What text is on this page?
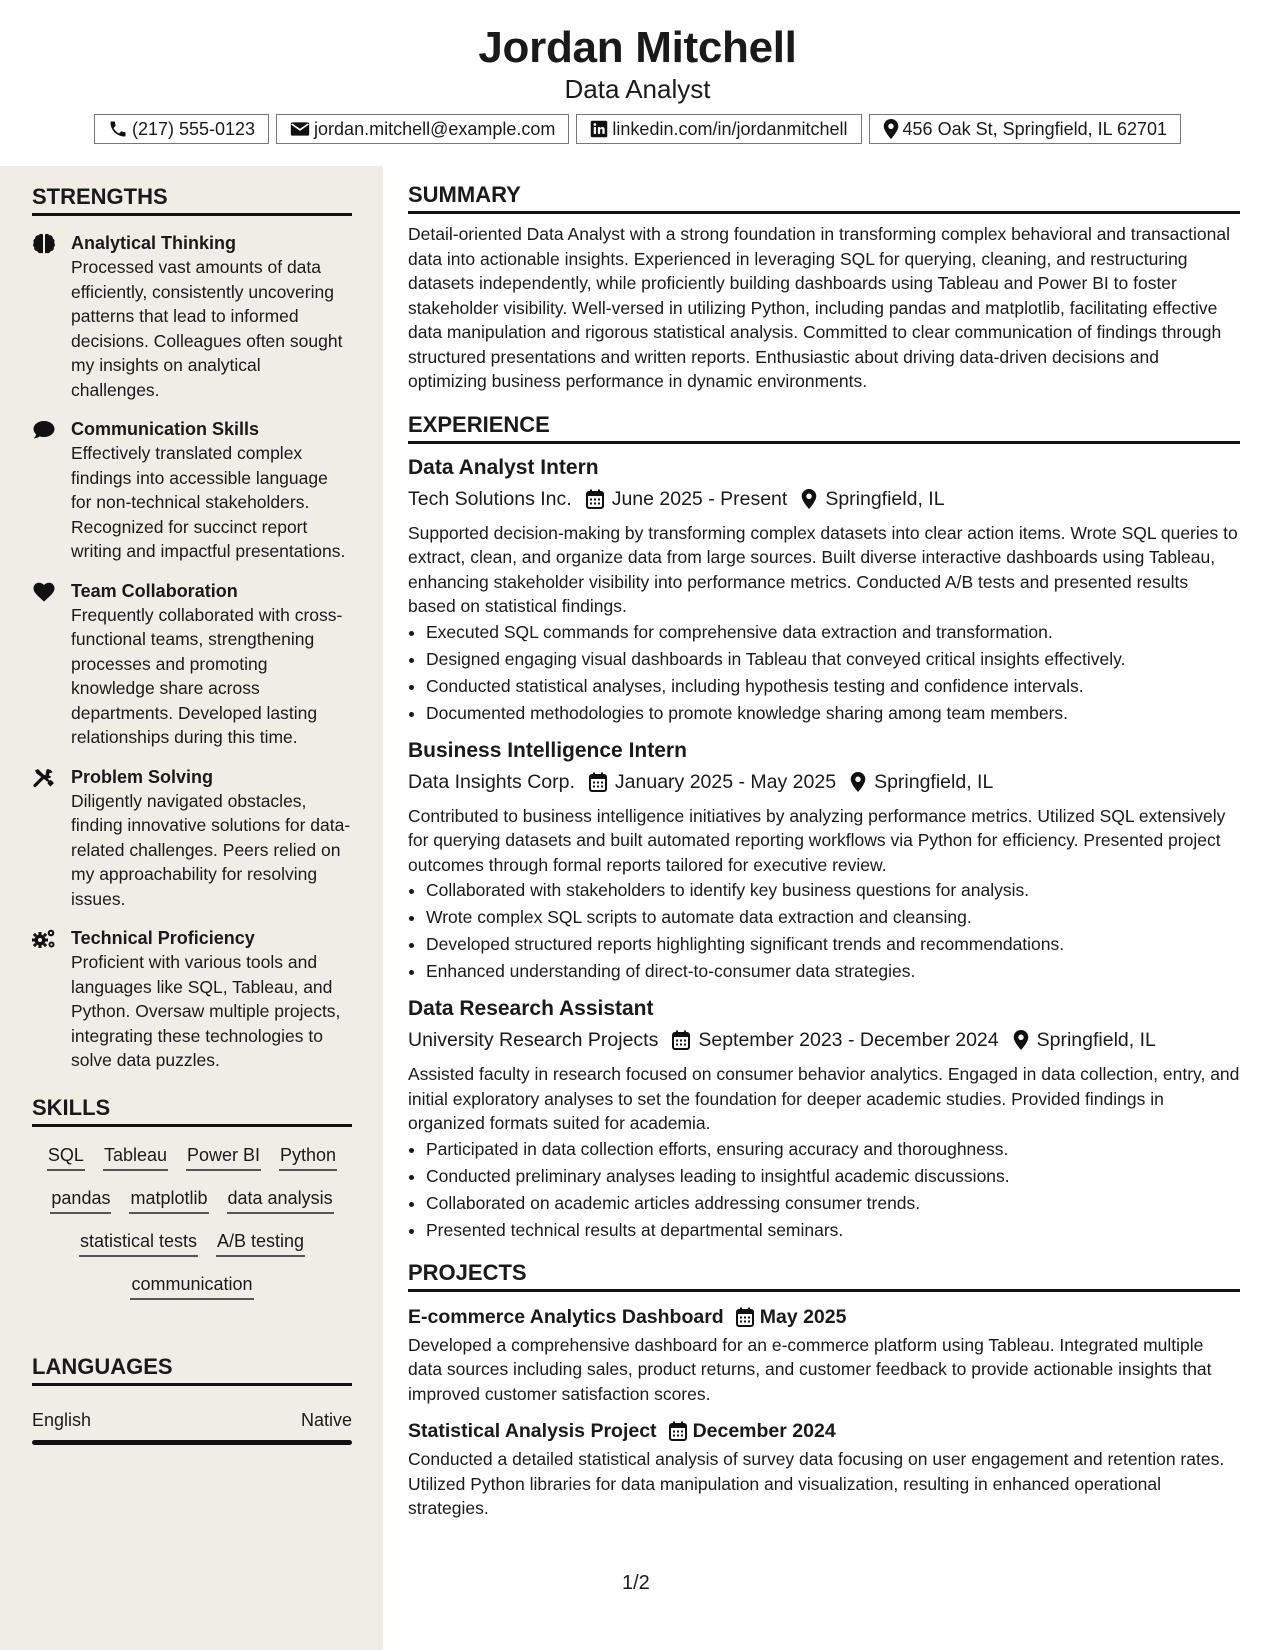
Jordan Mitchell
Data Analyst
(217) 555-0123	jordan.mitchell@example.com	linkedin.com/in/jordanmitchell	456 Oak St, Springfield, IL 62701
STRENGTHS
Analytical Thinking

Processed vast amounts of data efficiently, consistently uncovering patterns that lead to informed decisions. Colleagues often sought my insights on analytical challenges.

Communication Skills

Effectively translated complex findings into accessible language for non-technical stakeholders. Recognized for succinct report writing and impactful presentations.

Team Collaboration

Frequently collaborated with cross-functional teams, strengthening processes and promoting knowledge share across departments. Developed lasting relationships during this time.

Problem Solving

Diligently navigated obstacles, finding innovative solutions for data-related challenges. Peers relied on my approachability for resolving issues.

Technical Proficiency

Proficient with various tools and languages like SQL, Tableau, and Python. Oversaw multiple projects, integrating these technologies to solve data puzzles.

SKILLS
SQL Tableau Power BI Python
pandas matplotlib data analysis
statistical tests A/B testing
communication
LANGUAGES
English	Native
SUMMARY

Detail-oriented Data Analyst with a strong foundation in transforming complex behavioral and transactional data into actionable insights. Experienced in leveraging SQL for querying, cleaning, and restructuring datasets independently, while proficiently building dashboards using Tableau and Power BI to foster stakeholder visibility. Well-versed in utilizing Python, including pandas and matplotlib, facilitating effective data manipulation and rigorous statistical analysis. Committed to clear communication of findings through structured presentations and written reports. Enthusiastic about driving data-driven decisions and optimizing business performance in dynamic environments.

EXPERIENCE
Data Analyst Intern
Tech Solutions Inc. June 2025 - Present Springfield, IL

Supported decision-making by transforming complex datasets into clear action items. Wrote SQL queries to extract, clean, and organize data from large sources. Built diverse interactive dashboards using Tableau, enhancing stakeholder visibility into performance metrics. Conducted A/B tests and presented results based on statistical findings.

• Executed SQL commands for comprehensive data extraction and transformation.
• Designed engaging visual dashboards in Tableau that conveyed critical insights effectively.
• Conducted statistical analyses, including hypothesis testing and confidence intervals.
• Documented methodologies to promote knowledge sharing among team members.
Business Intelligence Intern
Data Insights Corp. January 2025 - May 2025 Springfield, IL

Contributed to business intelligence initiatives by analyzing performance metrics. Utilized SQL extensively for querying datasets and built automated reporting workflows via Python for efficiency. Presented project outcomes through formal reports tailored for executive review.

• Collaborated with stakeholders to identify key business questions for analysis.
• Wrote complex SQL scripts to automate data extraction and cleansing.
• Developed structured reports highlighting significant trends and recommendations.
• Enhanced understanding of direct-to-consumer data strategies.
Data Research Assistant
University Research Projects September 2023 - December 2024 Springfield, IL

Assisted faculty in research focused on consumer behavior analytics. Engaged in data collection, entry, and initial exploratory analyses to set the foundation for deeper academic studies. Provided findings in organized formats suited for academia.

• Participated in data collection efforts, ensuring accuracy and thoroughness.
• Conducted preliminary analyses leading to insightful academic discussions.
• Collaborated on academic articles addressing consumer trends.
• Presented technical results at departmental seminars.
PROJECTS
E-commerce Analytics Dashboard May 2025

Developed a comprehensive dashboard for an e-commerce platform using Tableau. Integrated multiple data sources including sales, product returns, and customer feedback to provide actionable insights that improved customer satisfaction scores.

Statistical Analysis Project December 2024

Conducted a detailed statistical analysis of survey data focusing on user engagement and retention rates. Utilized Python libraries for data manipulation and visualization, resulting in enhanced operational strategies.

1/2
